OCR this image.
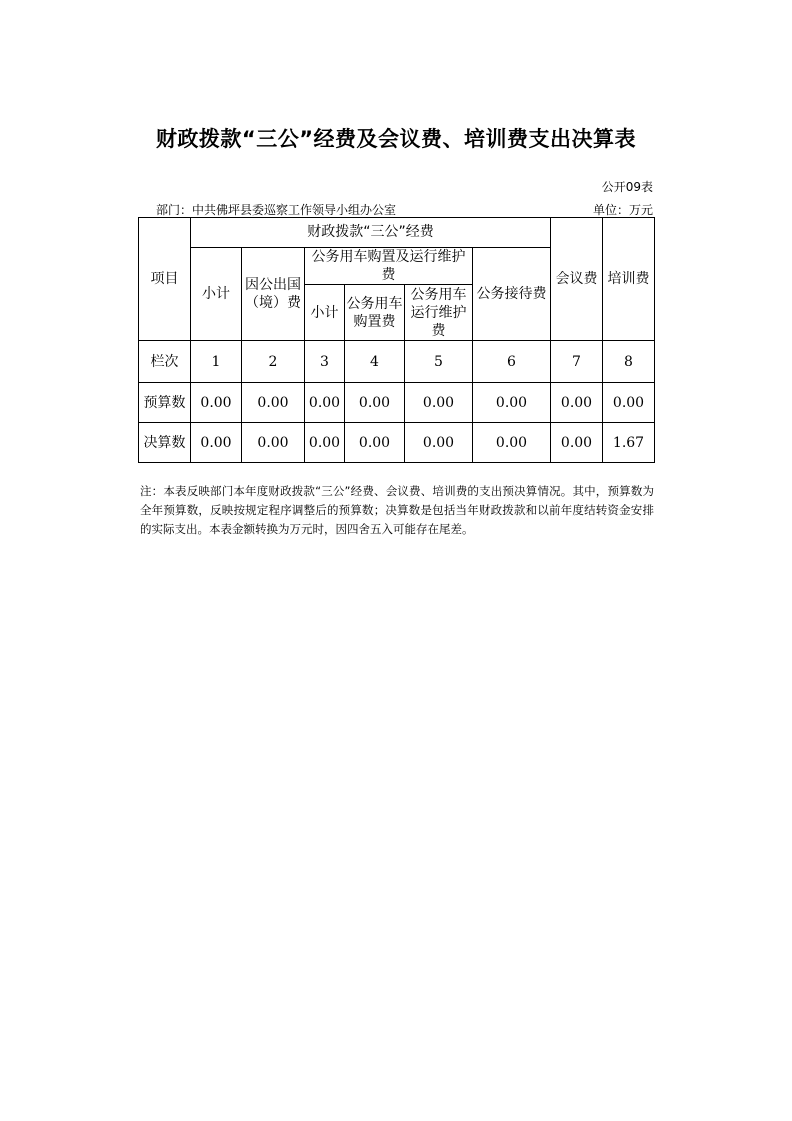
财政拨款“三公”经费及会议费、培训费支出决算表
公开09表
部门：中共佛坪县委巡察工作领导小组办公室	单位：万元
项目	财政拨款“三公”经费						会议费	培训费
	小计	因公出国（境）费	公务用车购置及运行维护费			公务接待费		
			小计	公务用车购置费	公务用车运行维护费			
栏次	1	2	3	4	5	6	7	8
预算数	0.00	0.00	0.00	0.00	0.00	0.00	0.00	0.00
决算数	0.00	0.00	0.00	0.00	0.00	0.00	0.00	1.67
注：本表反映部门本年度财政拨款“三公”经费、会议费、培训费的支出预决算情况。其中，预算数为全年预算数，反映按规定程序调整后的预算数；决算数是包括当年财政拨款和以前年度结转资金安排的实际支出。本表金额转换为万元时，因四舍五入可能存在尾差。
